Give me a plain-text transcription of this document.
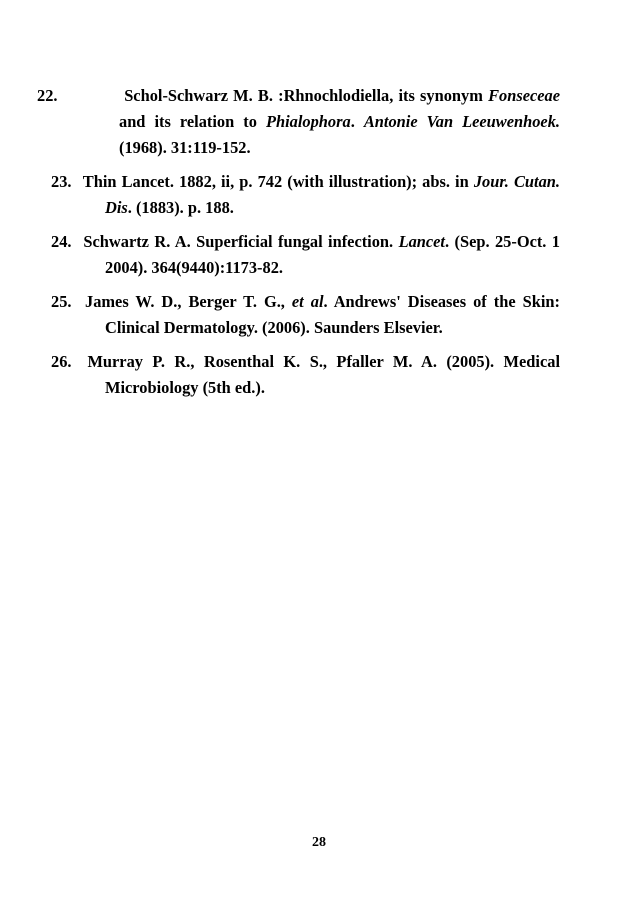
22.	Schol-Schwarz M. B. :Rhnochlodiella, its synonym Fonseceae and its relation to Phialophora. Antonie Van Leeuwenhoek. (1968). 31:119-152.
23. Thin Lancet. 1882, ii, p. 742 (with illustration); abs. in Jour. Cutan. Dis. (1883). p. 188.
24. Schwartz R. A. Superficial fungal infection. Lancet. (Sep. 25-Oct. 1 2004). 364(9440):1173-82.
25. James W. D., Berger T. G., et al. Andrews' Diseases of the Skin: Clinical Dermatology. (2006). Saunders Elsevier.
26. Murray P. R., Rosenthal K. S., Pfaller M. A. (2005). Medical Microbiology (5th ed.).
28
